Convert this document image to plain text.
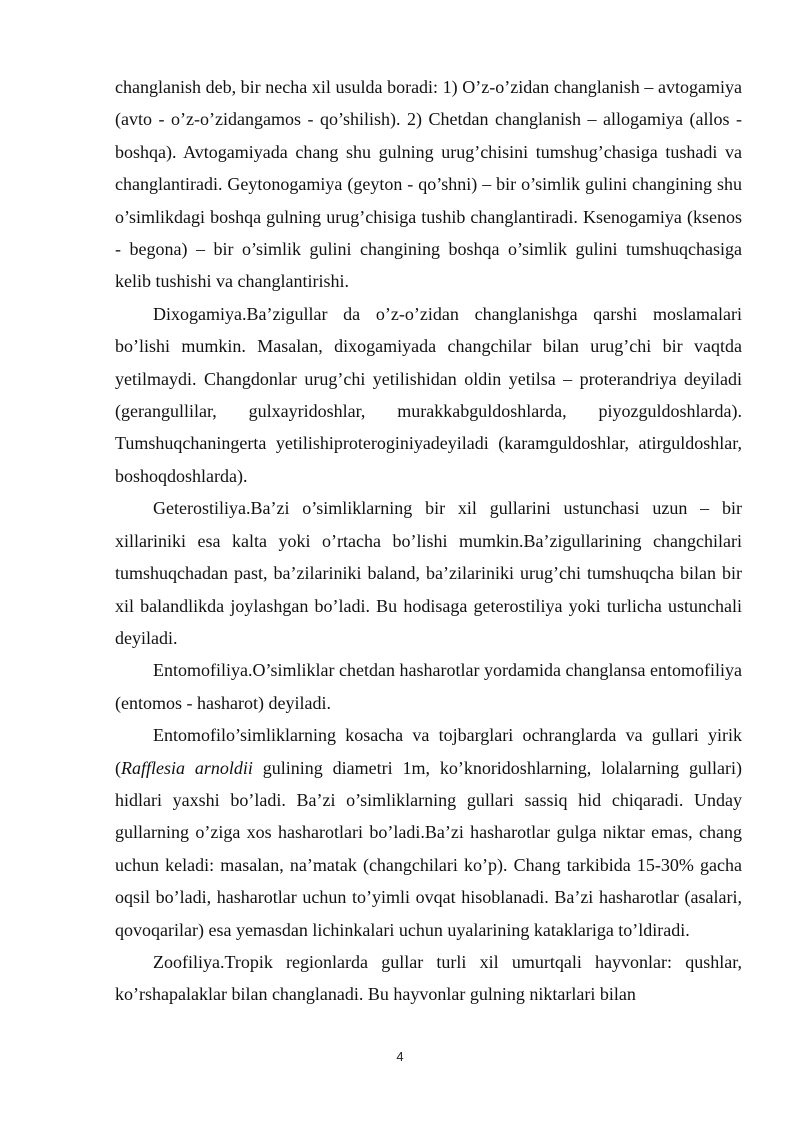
changlanish deb, bir necha xil usulda boradi: 1) O’z-o’zidan changlanish – avtogamiya (avto - o’z-o’zidangamos - qo’shilish). 2) Chetdan changlanish – allogamiya (allos - boshqa). Avtogamiyada chang shu gulning urug’chisini tumshug’chasiga tushadi va changlantiradi. Geytonogamiya (geyton - qo’shni) – bir o’simlik gulini changining shu o’simlikdagi boshqa gulning urug’chisiga tushib changlantiradi. Ksenogamiya (ksenos - begona) – bir o’simlik gulini changining boshqa o’simlik gulini tumshuqchasiga kelib tushishi va changlantirishi.

Dixogamiya.Ba’zigullar da o’z-o’zidan changlanishga qarshi moslamalari bo’lishi mumkin. Masalan, dixogamiyada changchilar bilan urug’chi bir vaqtda yetilmaydi. Changdonlar urug’chi yetilishidan oldin yetilsa – proterandriya deyiladi (gerangullilar, gulxayridoshlar, murakkabguldoshlarda, piyozguldoshlarda). Tumshuqchaningerta yetilishiproteroginiyadeyiladi (karamguldoshlar, atirguldoshlar, boshoqdoshlarda).

Geterostiliya.Ba’zi o’simliklarning bir xil gullarini ustunchasi uzun – bir xillariniki esa kalta yoki o’rtacha bo’lishi mumkin.Ba’zigullarining changchilari tumshuqchadan past, ba’zilariniki baland, ba’zilariniki urug’chi tumshuqcha bilan bir xil balandlikda joylashgan bo’ladi. Bu hodisaga geterostiliya yoki turlicha ustunchali deyiladi.

Entomofiliya.O’simliklar chetdan hasharotlar yordamida changlansa entomofiliya (entomos - hasharot) deyiladi.

Entomofilo’simliklarning kosacha va tojbarglari ochranglarda va gullari yirik (Rafflesia arnoldii gulining diametri 1m, ko’knoridoshlarning, lolalarning gullari) hidlari yaxshi bo’ladi. Ba’zi o’simliklarning gullari sassiq hid chiqaradi. Unday gullarning o’ziga xos hasharotlari bo’ladi.Ba’zi hasharotlar gulga niktar emas, chang uchun keladi: masalan, na’matak (changchilari ko’p). Chang tarkibida 15-30% gacha oqsil bo’ladi, hasharotlar uchun to’yimli ovqat hisoblanadi. Ba’zi hasharotlar (asalari, qovoqarilar) esa yemasdan lichinkalari uchun uyalarining kataklariga to’ldiradi.

Zoofiliya.Tropik regionlarda gullar turli xil umurtqali hayvonlar: qushlar, ko’rshapalaklar bilan changlanadi. Bu hayvonlar gulning niktarlari bilan

4
